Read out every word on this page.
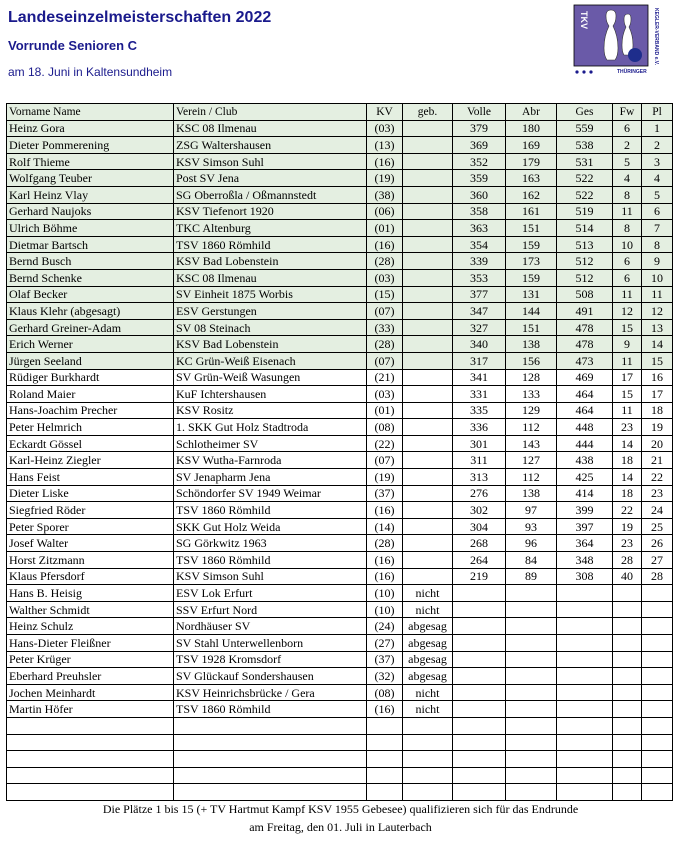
Landeseinzelmeisterschaften 2022
Vorrunde Senioren C
am 18. Juni in Kaltensundheim
TKV	KEGLER-VERBAND e.V.
THÜRINGER
Vorname Name	Verein / Club	KV	geb.	Volle	Abr	Ges	Fw	Pl
Heinz Gora	KSC 08 Ilmenau	(03)		379	180	559	6	1
Dieter Pommerening	ZSG Waltershausen	(13)		369	169	538	2	2
Rolf Thieme	KSV Simson Suhl	(16)		352	179	531	5	3
Wolfgang Teuber	Post SV Jena	(19)		359	163	522	4	4
Karl Heinz Vlay	SG Oberroßla / Oßmannstedt	(38)		360	162	522	8	5
Gerhard Naujoks	KSV Tiefenort 1920	(06)		358	161	519	11	6
Ulrich Böhme	TKC Altenburg	(01)		363	151	514	8	7
Dietmar Bartsch	TSV 1860 Römhild	(16)		354	159	513	10	8
Bernd Busch	KSV Bad Lobenstein	(28)		339	173	512	6	9
Bernd Schenke	KSC 08 Ilmenau	(03)		353	159	512	6	10
Olaf Becker	SV Einheit 1875 Worbis	(15)		377	131	508	11	11
Klaus Klehr (abgesagt)	ESV Gerstungen	(07)		347	144	491	12	12
Gerhard Greiner-Adam	SV 08 Steinach	(33)		327	151	478	15	13
Erich Werner	KSV Bad Lobenstein	(28)		340	138	478	9	14
Jürgen Seeland	KC Grün-Weiß Eisenach	(07)		317	156	473	11	15
Rüdiger Burkhardt	SV Grün-Weiß Wasungen	(21)		341	128	469	17	16
Roland Maier	KuF Ichtershausen	(03)		331	133	464	15	17
Hans-Joachim Precher	KSV Rositz	(01)		335	129	464	11	18
Peter Helmrich	1. SKK Gut Holz Stadtroda	(08)		336	112	448	23	19
Eckardt Gössel	Schlotheimer SV	(22)		301	143	444	14	20
Karl-Heinz Ziegler	KSV Wutha-Farnroda	(07)		311	127	438	18	21
Hans Feist	SV Jenapharm Jena	(19)		313	112	425	14	22
Dieter Liske	Schöndorfer SV 1949 Weimar	(37)		276	138	414	18	23
Siegfried Röder	TSV 1860 Römhild	(16)		302	97	399	22	24
Peter Sporer	SKK Gut Holz Weida	(14)		304	93	397	19	25
Josef Walter	SG Görkwitz 1963	(28)		268	96	364	23	26
Horst Zitzmann	TSV 1860 Römhild	(16)		264	84	348	28	27
Klaus Pfersdorf	KSV Simson Suhl	(16)		219	89	308	40	28
Hans B. Heisig	ESV Lok Erfurt	(10)	nicht					
Walther Schmidt	SSV Erfurt Nord	(10)	nicht					
Heinz Schulz	Nordhäuser SV	(24)	abgesag					
Hans-Dieter Fleißner	SV Stahl Unterwellenborn	(27)	abgesag					
Peter Krüger	TSV 1928 Kromsdorf	(37)	abgesag					
Eberhard Preuhsler	SV Glückauf Sondershausen	(32)	abgesag					
Jochen Meinhardt	KSV Heinrichsbrücke / Gera	(08)	nicht					
Martin Höfer	TSV 1860 Römhild	(16)	nicht					

Die Plätze 1 bis 15 (+ TV Hartmut Kampf KSV 1955 Gebesee) qualifizieren sich für das Endrunde
am Freitag, den 01. Juli in Lauterbach
